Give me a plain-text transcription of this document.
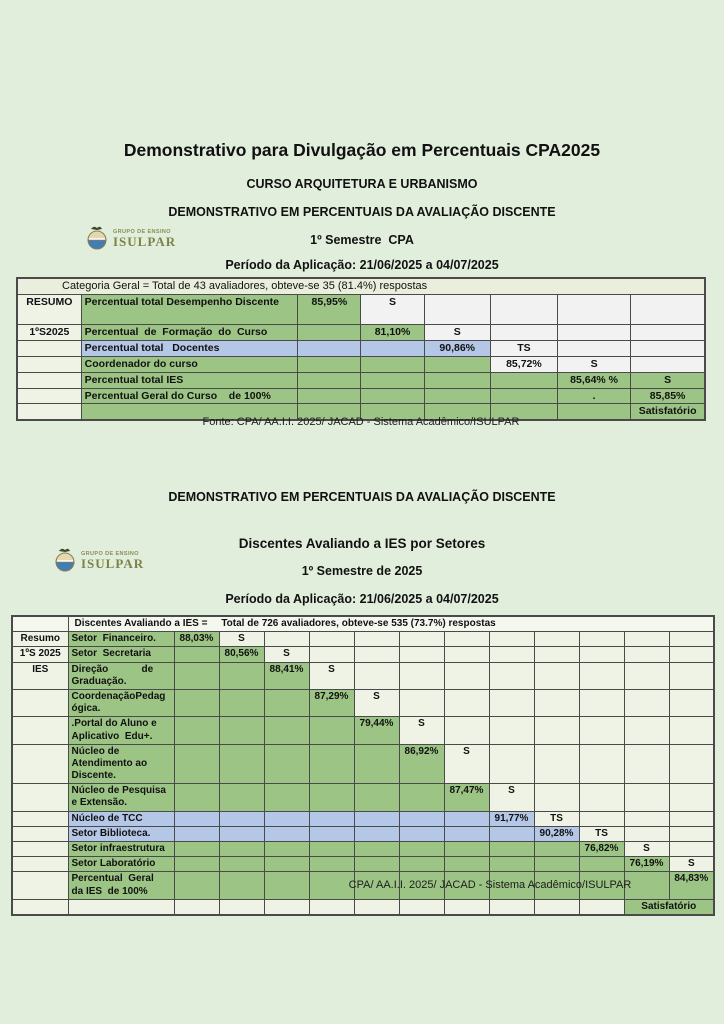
Demonstrativo para Divulgação em Percentuais CPA2025
CURSO ARQUITETURA E URBANISMO
DEMONSTRATIVO EM PERCENTUAIS DA AVALIAÇÃO DISCENTE
GRUPO DE ENSINO
ISULPAR	1º Semestre  CPA
Período da Aplicação: 21/06/2025 a 04/07/2025
Categoria Geral = Total de 43 avaliadores, obteve-se 35 (81.4%) respostas							
RESUMO	Percentual total Desempenho Discente	85,95%	S				
1ºS2025	Percentual  de  Formação  do  Curso		81,10%	S			
	Percentual total   Docentes			90,86%	TS		
	Coordenador do curso				85,72%	S	
	Percentual total IES					85,64% %	S
	Percentual Geral do Curso    de 100%					.	85,85%
							Satisfatório
Fonte: CPA/ AA.I.I. 2025/ JACAD - Sistema Acadêmico/ISULPAR
DEMONSTRATIVO EM PERCENTUAIS DA AVALIAÇÃO DISCENTE
GRUPO DE ENSINO
ISULPAR
Discentes Avaliando a IES por Setores
1º Semestre de 2025
Período da Aplicação: 21/06/2025 a 04/07/2025
	Discentes Avaliando a IES =     Total de 726 avaliadores, obteve-se 535 (73.7%) respostas												
Resumo	Setor  Financeiro.	88,03%	S										
1ºS 2025	Setor  Secretaria		80,56%	S									
IES	Direção            de Graduação.			88,41%	S								
	CoordenaçãoPedagógica.				87,29%	S							
	.Portal do Aluno e Aplicativo  Edu+.					79,44%	S						
	Núcleo de Atendimento ao Discente.						86,92%	S					
	Núcleo de Pesquisa e Extensão.							87,47%	S				
	Núcleo de TCC								91,77%	TS			
	Setor Biblioteca.									90,28%	TS		
	Setor infraestrutura										76,82%	S	
	Setor Laboratório											76,19%	S
	Percentual  Geral  da IES  de 100%												84,83%
												Satisfatório	
CPA/ AA.I.I. 2025/ JACAD - Sistema Acadêmico/ISULPAR
